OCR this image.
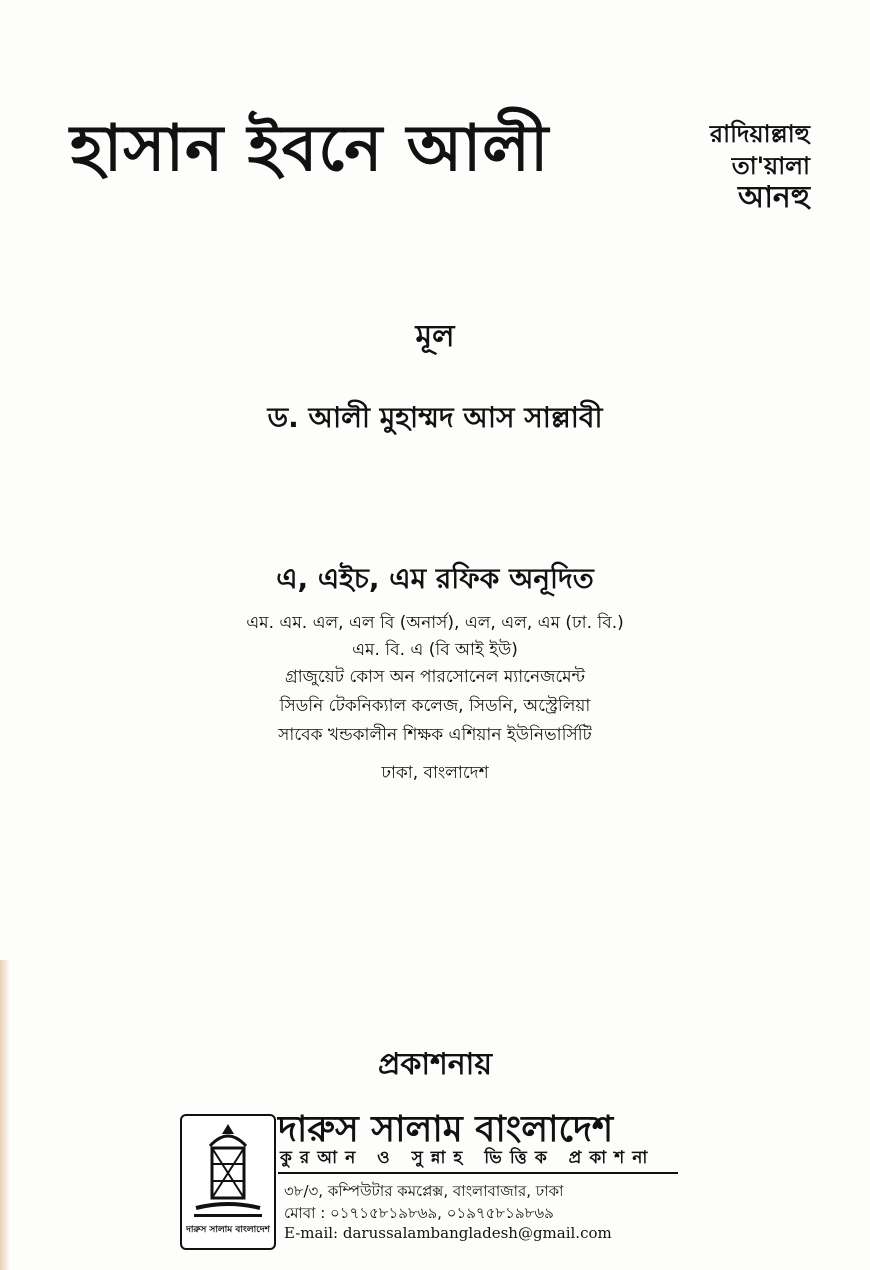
হাসান ইবনে আলী	রাদিয়াল্লাহু
তা'য়ালা
আনহু
মূল
ড. আলী মুহাম্মদ আস সাল্লাবী
এ, এইচ, এম রফিক অনূদিত
এম. এম. এল, এল বি (অনার্স), এল, এল, এম (ঢা. বি.)
এম. বি. এ (বি আই ইউ)
গ্রাজুয়েট কোস অন পারসোনেল ম্যানেজমেন্ট
সিডনি টেকনিক্যাল কলেজ, সিডনি, অস্ট্রেলিয়া
সাবেক খন্ডকালীন শিক্ষক এশিয়ান ইউনিভার্সিটি
ঢাকা, বাংলাদেশ
প্রকাশনায়
দারুস সালাম বাংলাদেশ
দারুস সালাম বাংলাদেশ
কুরআন ও সুন্নাহ ভিত্তিক প্রকাশনা
৩৮/৩, কম্পিউটার কমপ্লেক্স, বাংলাবাজার, ঢাকা
মোবা : ০১৭১৫৮১৯৮৬৯, ০১৯৭৫৮১৯৮৬৯
E-mail: darussalambangladesh@gmail.com
